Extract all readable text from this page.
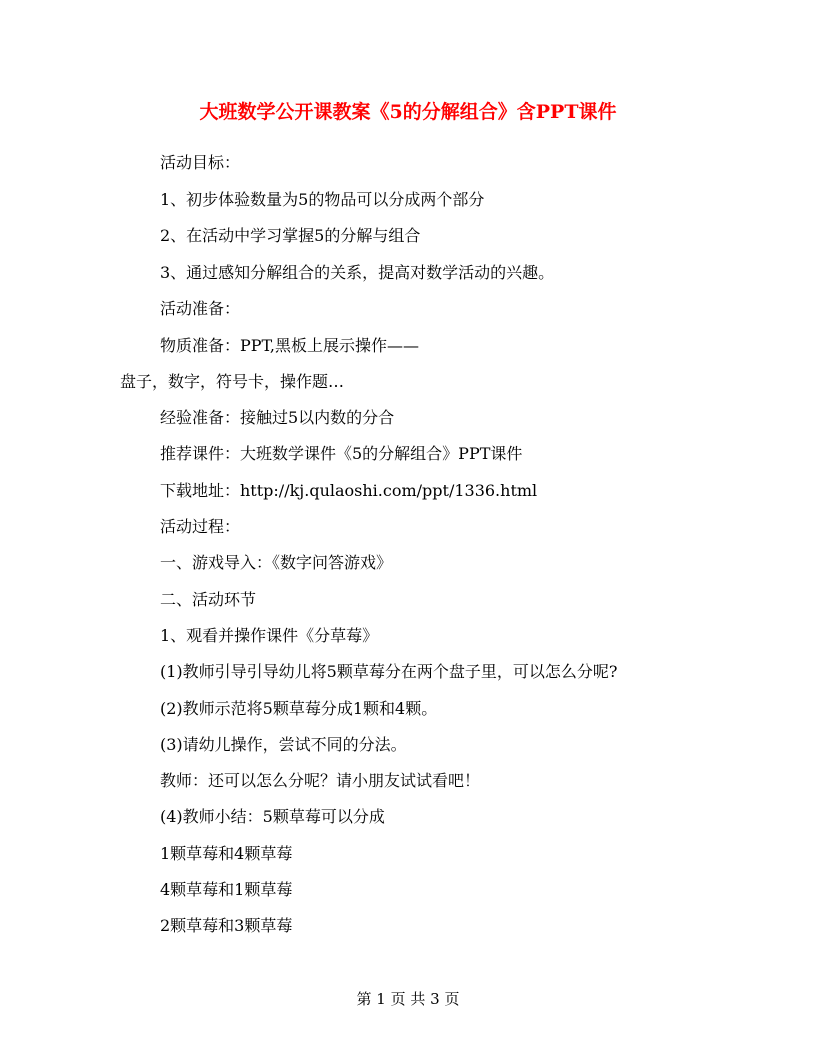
大班数学公开课教案《5的分解组合》含PPT课件
活动目标：
1、初步体验数量为5的物品可以分成两个部分
2、在活动中学习掌握5的分解与组合
3、通过感知分解组合的关系，提高对数学活动的兴趣。
活动准备：
物质准备：PPT,黑板上展示操作——
盘子，数字，符号卡，操作题…
经验准备：接触过5以内数的分合
推荐课件：大班数学课件《5的分解组合》PPT课件
下载地址：http://kj.qulaoshi.com/ppt/1336.html
活动过程：
一、游戏导入：《数字问答游戏》
二、活动环节
1、观看并操作课件《分草莓》
(1)教师引导引导幼儿将5颗草莓分在两个盘子里，可以怎么分呢?
(2)教师示范将5颗草莓分成1颗和4颗。
(3)请幼儿操作，尝试不同的分法。
教师：还可以怎么分呢？请小朋友试试看吧！
(4)教师小结：5颗草莓可以分成
1颗草莓和4颗草莓
4颗草莓和1颗草莓
2颗草莓和3颗草莓
第 1 页 共 3 页
